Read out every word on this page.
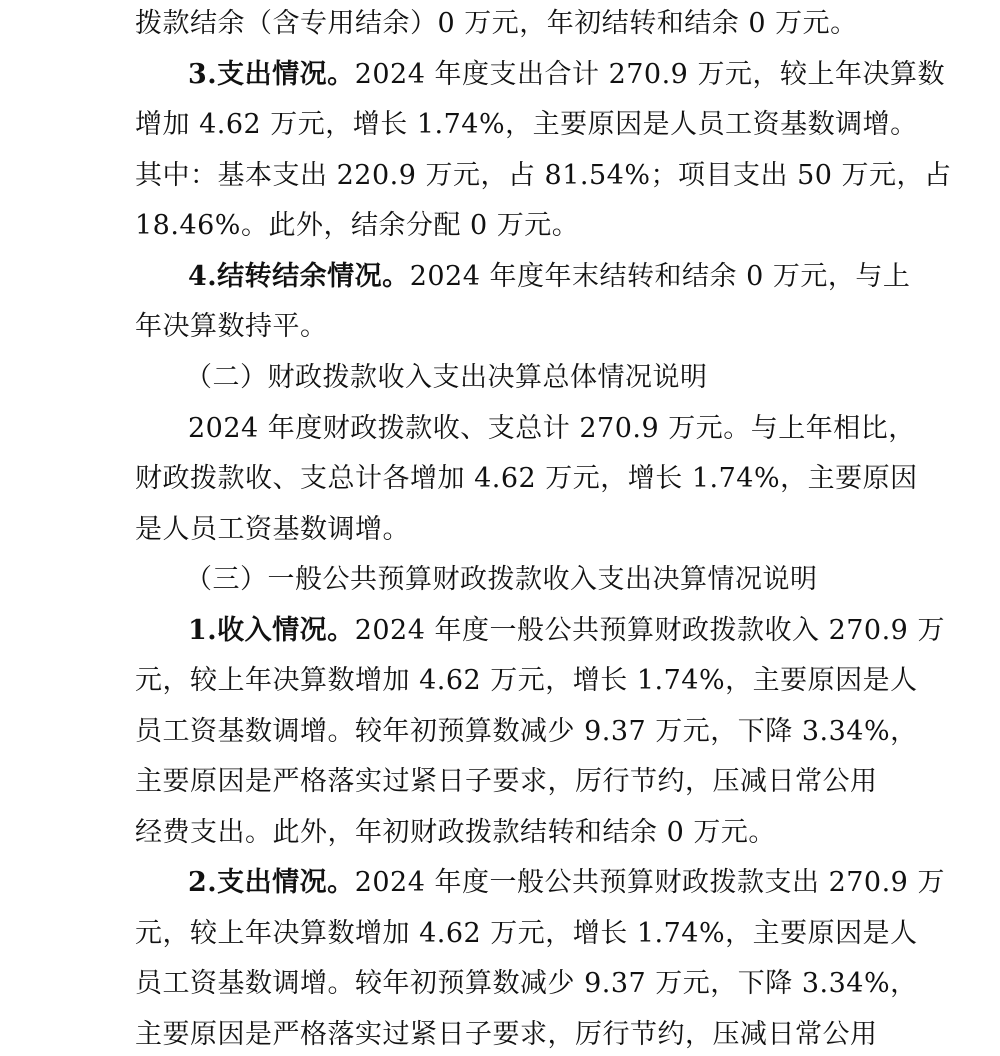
拨款结余（含专用结余）0 万元，年初结转和结余 0 万元。
3.支出情况。2024 年度支出合计 270.9 万元，较上年决算数
增加 4.62 万元，增长 1.74%，主要原因是人员工资基数调增。
其中：基本支出 220.9 万元，占 81.54%；项目支出 50 万元，占
18.46%。此外，结余分配 0 万元。
4.结转结余情况。2024 年度年末结转和结余 0 万元，与上
年决算数持平。
（二）财政拨款收入支出决算总体情况说明
2024 年度财政拨款收、支总计 270.9 万元。与上年相比，
财政拨款收、支总计各增加 4.62 万元，增长 1.74%，主要原因
是人员工资基数调增。
（三）一般公共预算财政拨款收入支出决算情况说明
1.收入情况。2024 年度一般公共预算财政拨款收入 270.9 万
元，较上年决算数增加 4.62 万元，增长 1.74%，主要原因是人
员工资基数调增。较年初预算数减少 9.37 万元，下降 3.34%，
主要原因是严格落实过紧日子要求，厉行节约，压减日常公用
经费支出。此外，年初财政拨款结转和结余 0 万元。
2.支出情况。2024 年度一般公共预算财政拨款支出 270.9 万
元，较上年决算数增加 4.62 万元，增长 1.74%，主要原因是人
员工资基数调增。较年初预算数减少 9.37 万元，下降 3.34%，
主要原因是严格落实过紧日子要求，厉行节约，压减日常公用
